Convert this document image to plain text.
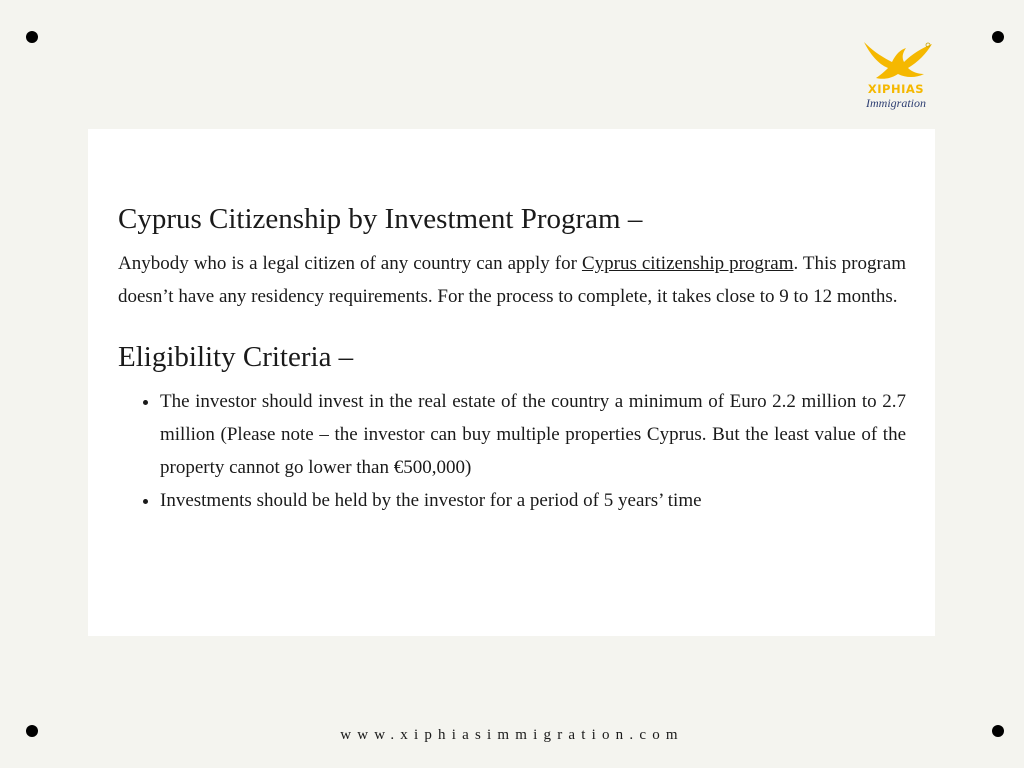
XIPHIAS
Immigration
Cyprus Citizenship by Investment Program –

Anybody who is a legal citizen of any country can apply for Cyprus citizenship program. This program doesn’t have any residency requirements. For the process to complete, it takes close to 9 to 12 months.

Eligibility Criteria –
• The investor should invest in the real estate of the country a minimum of Euro 2.2 million to 2.7 million (Please note – the investor can buy multiple properties Cyprus. But the least value of the property cannot go lower than €500,000)
• Investments should be held by the investor for a period of 5 years’ time
www.xiphiasimmigration.com
